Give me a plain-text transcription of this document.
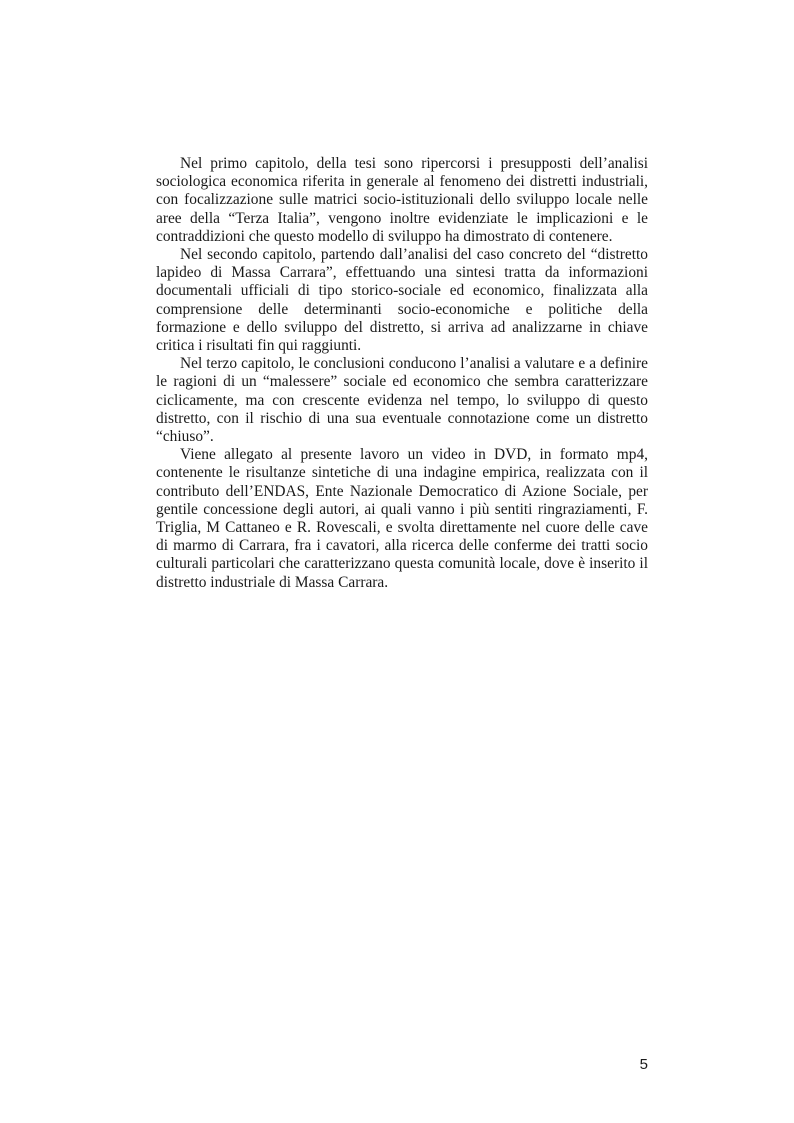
Nel primo capitolo, della tesi sono ripercorsi i presupposti dell’analisi sociologica economica riferita in generale al fenomeno dei distretti industriali, con focalizzazione sulle matrici socio-istituzionali dello sviluppo locale nelle aree della “Terza Italia”, vengono inoltre evidenziate le implicazioni e le contraddizioni che questo modello di sviluppo ha dimostrato di contenere.

Nel secondo capitolo, partendo dall’analisi del caso concreto del “distretto lapideo di Massa Carrara”, effettuando una sintesi tratta da informazioni documentali ufficiali di tipo storico-sociale ed economico, finalizzata alla comprensione delle determinanti socio-economiche e politiche della formazione e dello sviluppo del distretto, si arriva ad analizzarne in chiave critica i risultati fin qui raggiunti.

Nel terzo capitolo, le conclusioni conducono l’analisi a valutare e a definire le ragioni di un “malessere” sociale ed economico che sembra caratterizzare ciclicamente, ma con crescente evidenza nel tempo, lo sviluppo di questo distretto, con il rischio di una sua eventuale connotazione come un distretto “chiuso”.

Viene allegato al presente lavoro un video in DVD, in formato mp4, contenente le risultanze sintetiche di una indagine empirica, realizzata con il contributo dell’ENDAS, Ente Nazionale Democratico di Azione Sociale, per gentile concessione degli autori, ai quali vanno i più sentiti ringraziamenti, F. Triglia, M Cattaneo e R. Rovescali, e svolta direttamente nel cuore delle cave di marmo di Carrara, fra i cavatori, alla ricerca delle conferme dei tratti socio culturali particolari che caratterizzano questa comunità locale, dove è inserito il distretto industriale di Massa Carrara.

5
